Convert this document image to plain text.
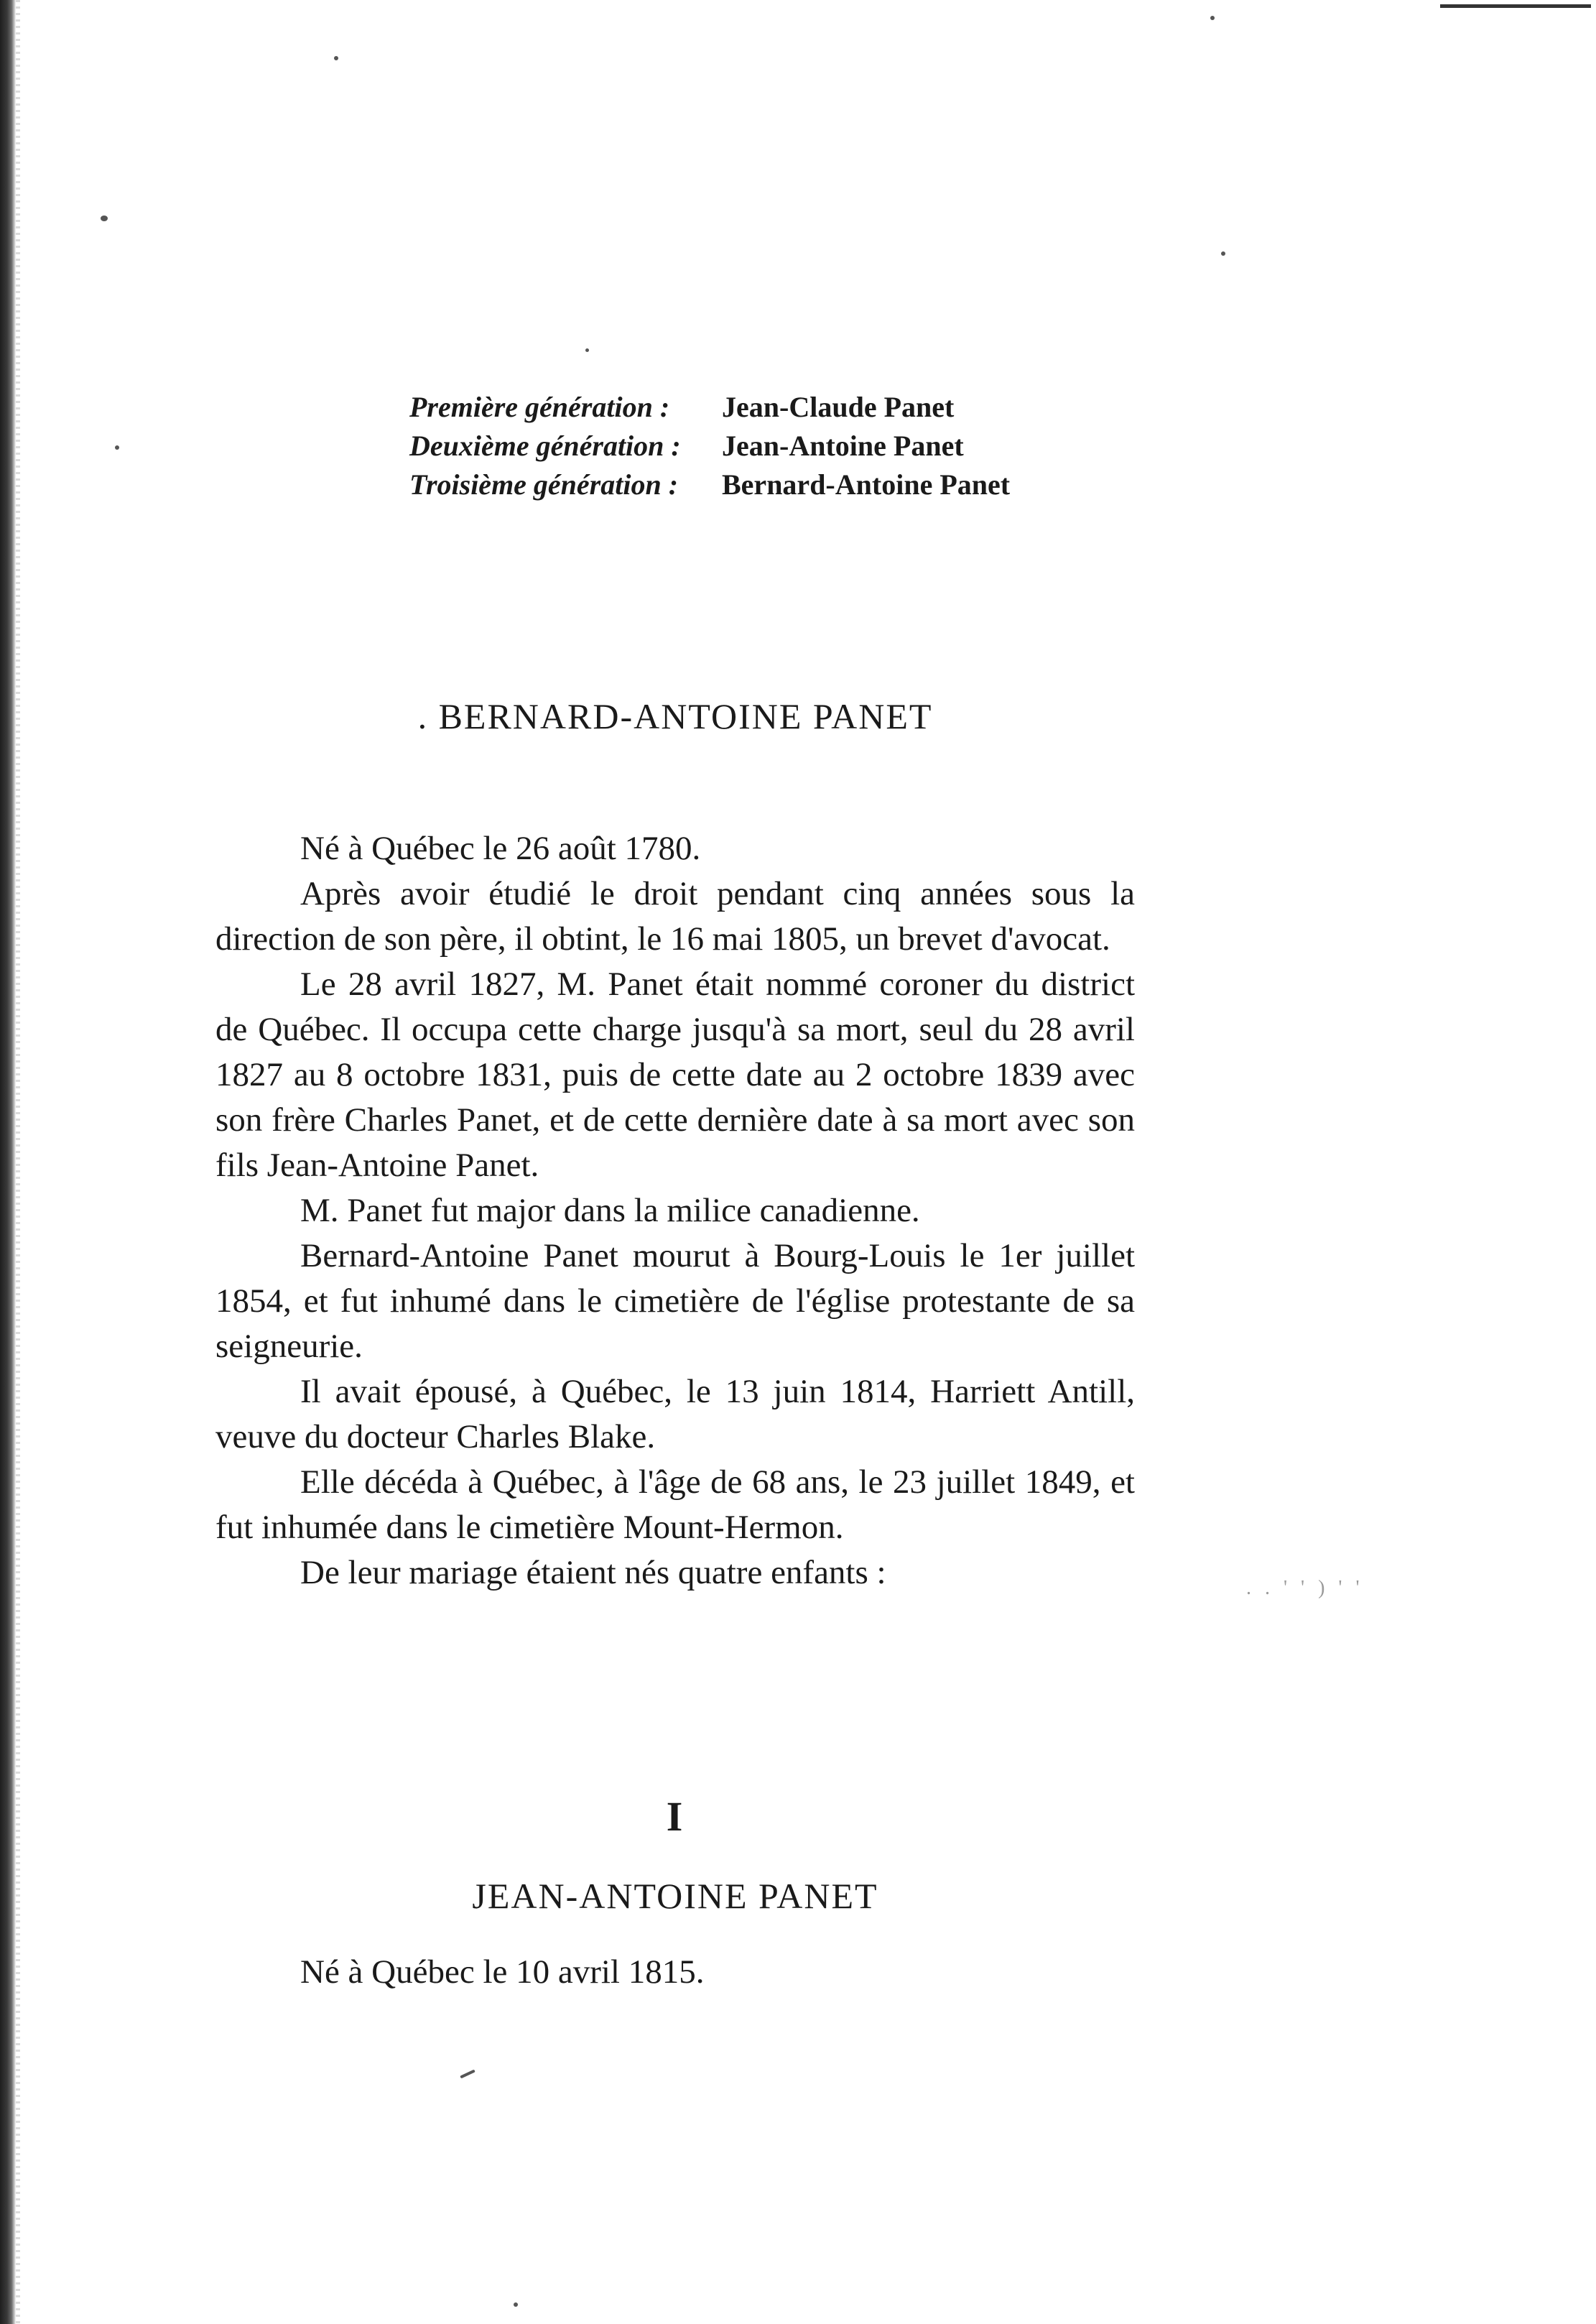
Première génération : Jean-Claude Panet
Deuxième génération : Jean-Antoine Panet
Troisième génération : Bernard-Antoine Panet
. BERNARD-ANTOINE PANET

Né à Québec le 26 août 1780.

Après avoir étudié le droit pendant cinq années sous la direction de son père, il obtint, le 16 mai 1805, un brevet d'avocat.

Le 28 avril 1827, M. Panet était nommé coroner du district de Québec. Il occupa cette charge jusqu'à sa mort, seul du 28 avril 1827 au 8 octobre 1831, puis de cette date au 2 octobre 1839 avec son frère Charles Panet, et de cette dernière date à sa mort avec son fils Jean-Antoine Panet.

M. Panet fut major dans la milice canadienne.

Bernard-Antoine Panet mourut à Bourg-Louis le 1er juillet 1854, et fut inhumé dans le cimetière de l'église protestante de sa seigneurie.

Il avait épousé, à Québec, le 13 juin 1814, Harriett Antill, veuve du docteur Charles Blake.

Elle décéda à Québec, à l'âge de 68 ans, le 23 juillet 1849, et fut inhumée dans le cimetière Mount-Hermon.

De leur mariage étaient nés quatre enfants :	. . ' ' ) ' '
I
JEAN-ANTOINE PANET
Né à Québec le 10 avril 1815.
